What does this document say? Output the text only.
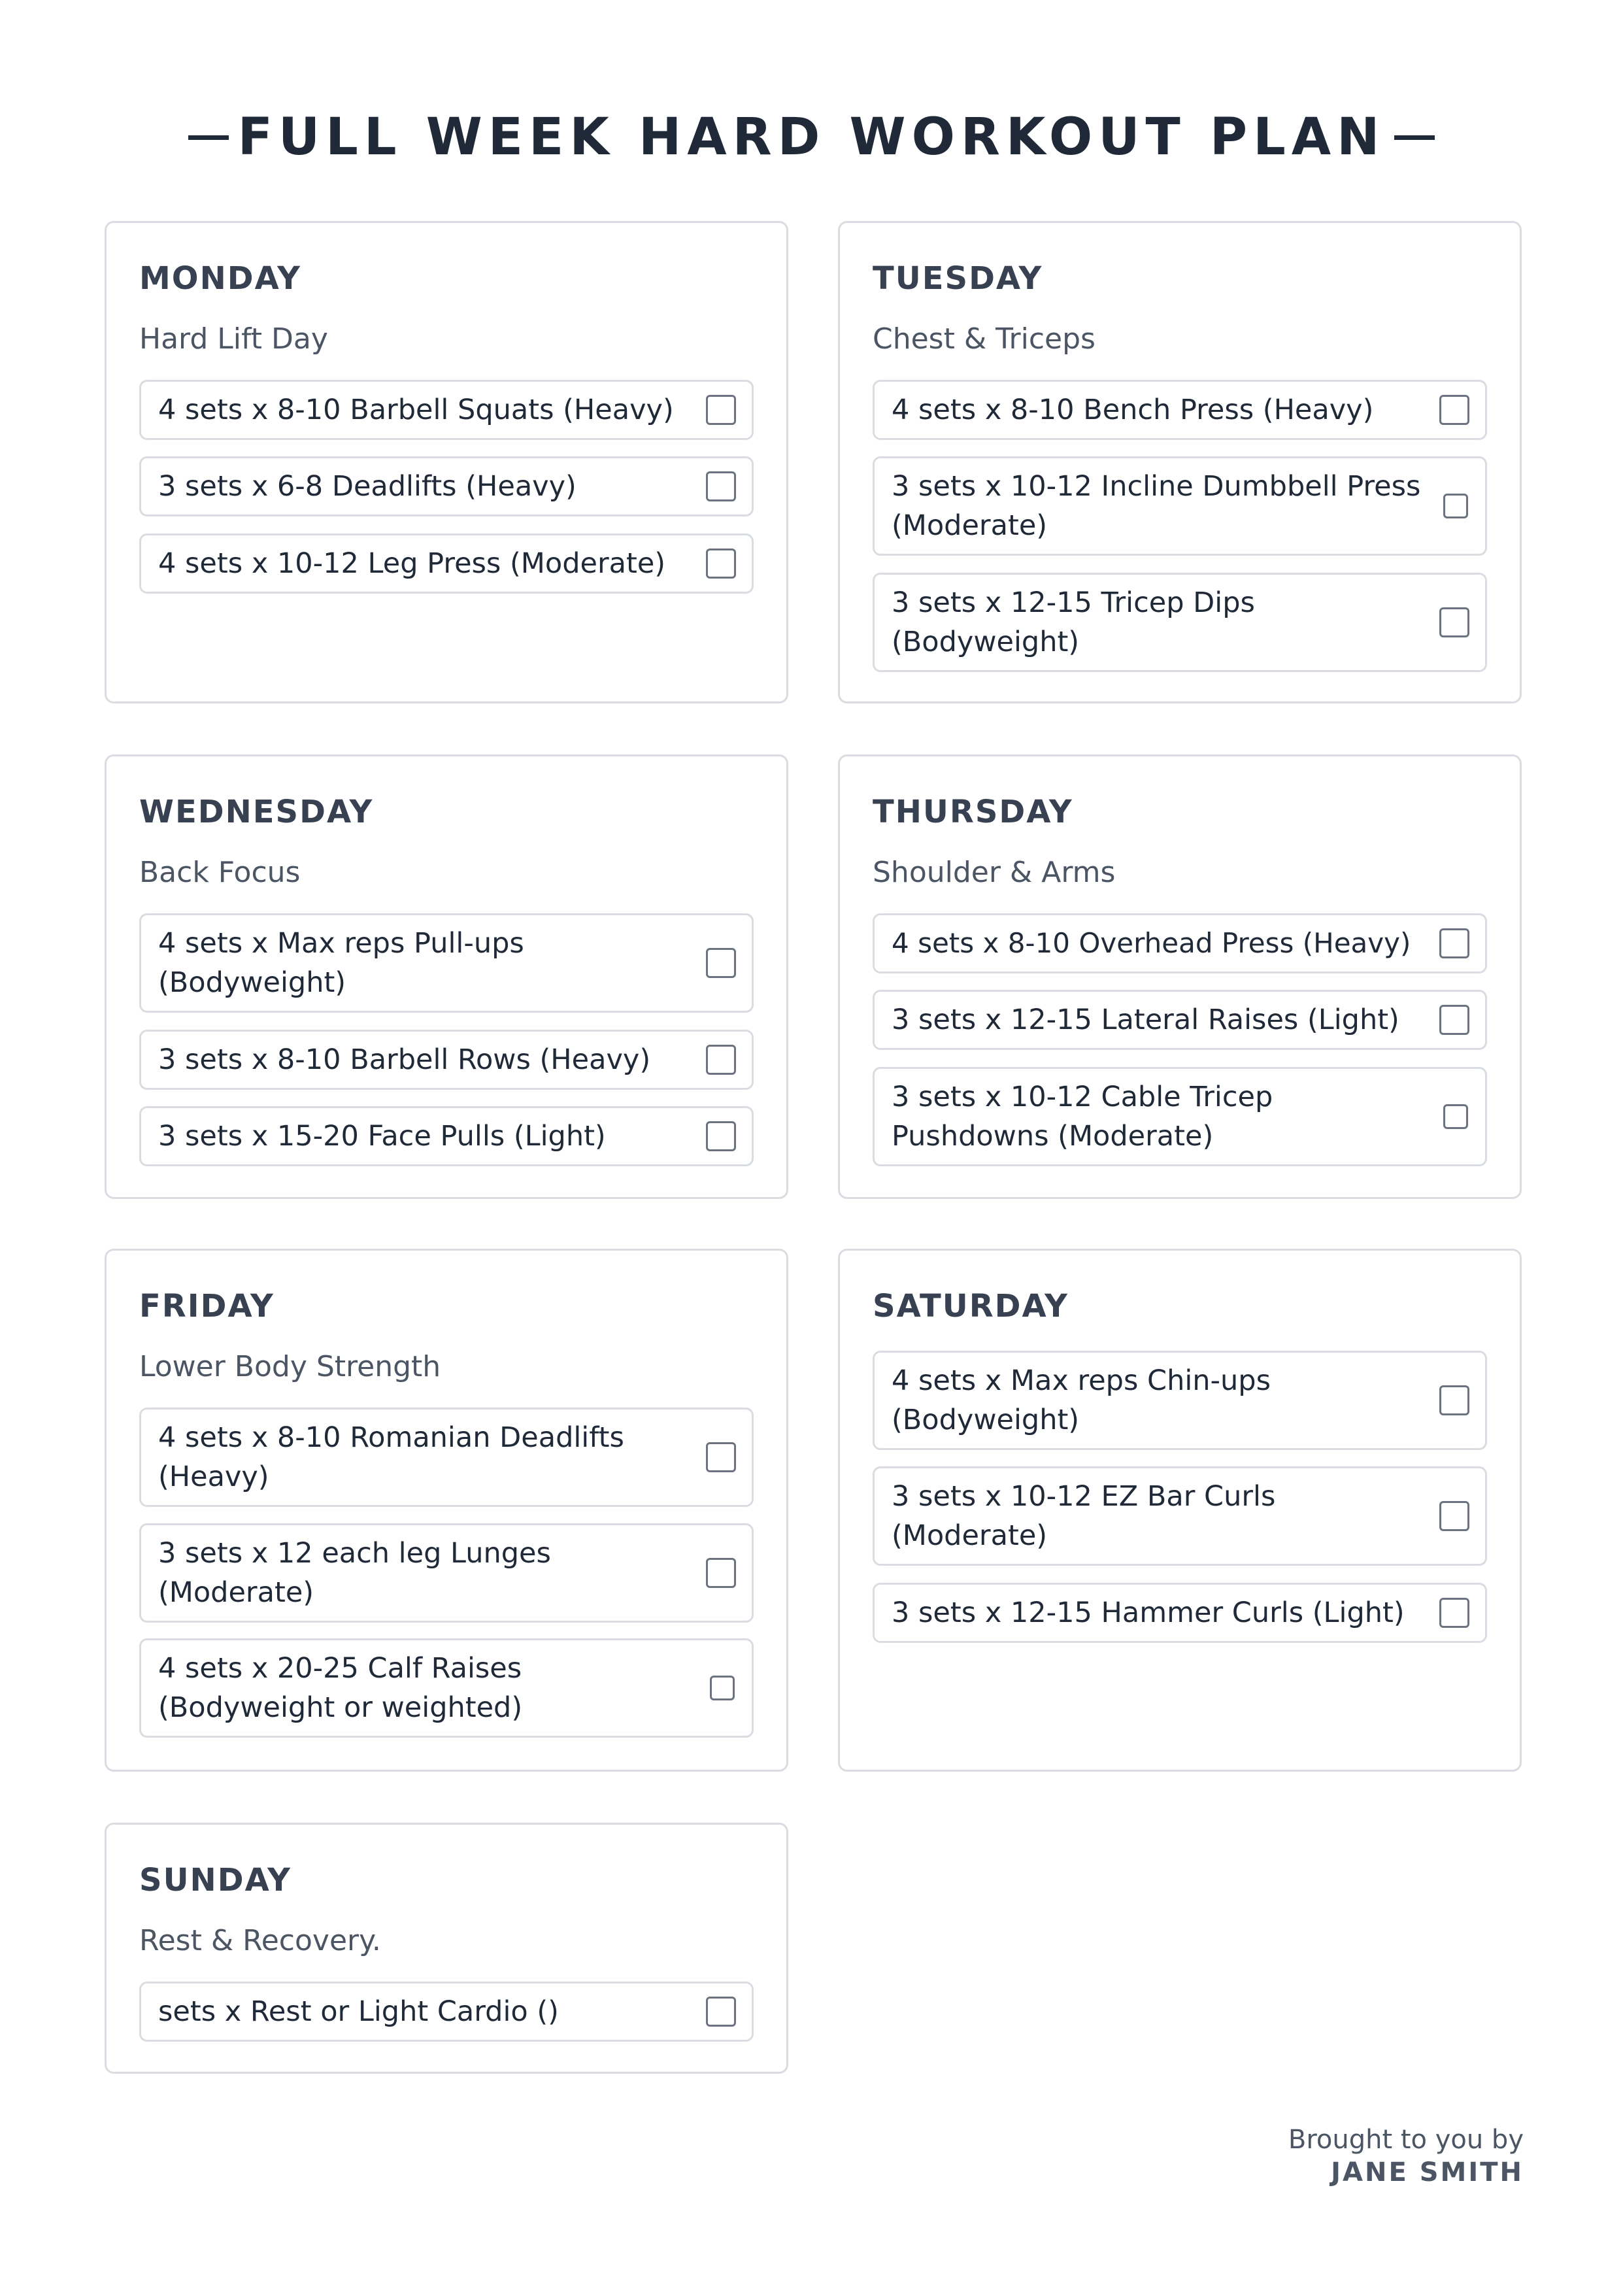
FULL WEEK HARD WORKOUT PLAN
MONDAY
Hard Lift Day
4 sets x 8-10 Barbell Squats (Heavy)
3 sets x 6-8 Deadlifts (Heavy)
4 sets x 10-12 Leg Press (Moderate)
TUESDAY
Chest & Triceps
4 sets x 8-10 Bench Press (Heavy)
3 sets x 10-12 Incline Dumbbell Press (Moderate)
3 sets x 12-15 Tricep Dips (Bodyweight)
WEDNESDAY
Back Focus
4 sets x Max reps Pull-ups (Bodyweight)
3 sets x 8-10 Barbell Rows (Heavy)
3 sets x 15-20 Face Pulls (Light)
THURSDAY
Shoulder & Arms
4 sets x 8-10 Overhead Press (Heavy)
3 sets x 12-15 Lateral Raises (Light)
3 sets x 10-12 Cable Tricep Pushdowns (Moderate)
FRIDAY
Lower Body Strength
4 sets x 8-10 Romanian Deadlifts (Heavy)
3 sets x 12 each leg Lunges (Moderate)
4 sets x 20-25 Calf Raises (Bodyweight or weighted)
SATURDAY
4 sets x Max reps Chin-ups (Bodyweight)
3 sets x 10-12 EZ Bar Curls (Moderate)
3 sets x 12-15 Hammer Curls (Light)
SUNDAY
Rest & Recovery.
sets x Rest or Light Cardio ()
Brought to you by
JANE SMITH
